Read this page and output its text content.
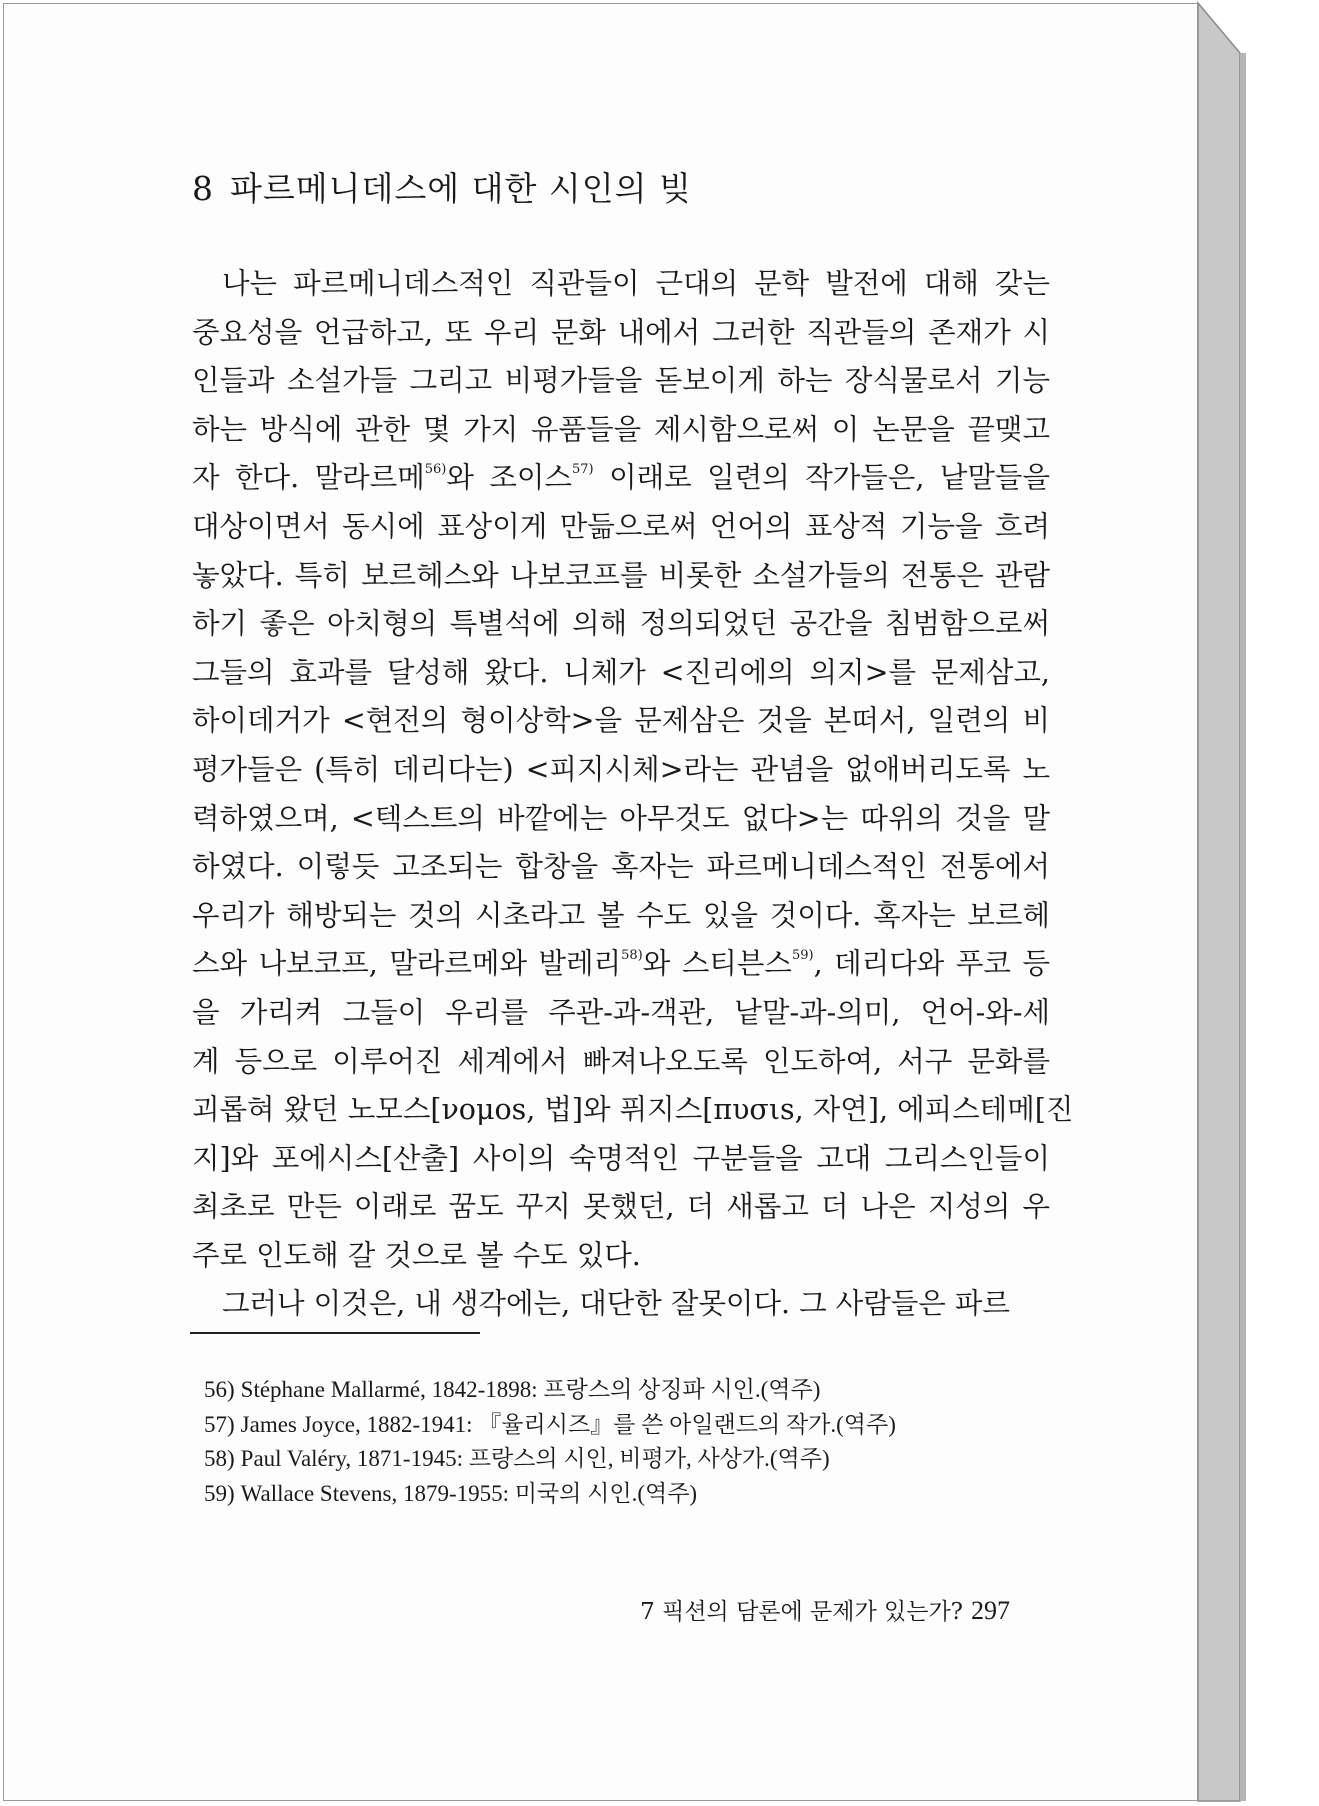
8 파르메니데스에 대한 시인의 빚
나는 파르메니데스적인 직관들이 근대의 문학 발전에 대해 갖는
중요성을 언급하고, 또 우리 문화 내에서 그러한 직관들의 존재가 시
인들과 소설가들 그리고 비평가들을 돋보이게 하는 장식물로서 기능
하는 방식에 관한 몇 가지 유품들을 제시함으로써 이 논문을 끝맺고
자 한다. 말라르메$^{56)}$와 조이스$^{57)}$ 이래로 일련의 작가들은, 낱말들을
대상이면서 동시에 표상이게 만듦으로써 언어의 표상적 기능을 흐려
놓았다. 특히 보르헤스와 나보코프를 비롯한 소설가들의 전통은 관람
하기 좋은 아치형의 특별석에 의해 정의되었던 공간을 침범함으로써
그들의 효과를 달성해 왔다. 니체가 <진리에의 의지>를 문제삼고,
하이데거가 <현전의 형이상학>을 문제삼은 것을 본떠서, 일련의 비
평가들은 (특히 데리다는) <피지시체>라는 관념을 없애버리도록 노
력하였으며, <텍스트의 바깥에는 아무것도 없다>는 따위의 것을 말
하였다. 이렇듯 고조되는 합창을 혹자는 파르메니데스적인 전통에서
우리가 해방되는 것의 시초라고 볼 수도 있을 것이다. 혹자는 보르헤
스와 나보코프, 말라르메와 발레리$^{58)}$와 스티븐스$^{59)}$, 데리다와 푸코 등
을 가리켜 그들이 우리를 주관-과-객관, 낱말-과-의미, 언어-와-세
계 등으로 이루어진 세계에서 빠져나오도록 인도하여, 서구 문화를
괴롭혀 왔던 노모스[νομοs, 법]와 퓌지스[πυσιs, 자연], 에피스테메[진
지]와 포에시스[산출] 사이의 숙명적인 구분들을 고대 그리스인들이
최초로 만든 이래로 꿈도 꾸지 못했던, 더 새롭고 더 나은 지성의 우
주로 인도해 갈 것으로 볼 수도 있다.
그러나 이것은, 내 생각에는, 대단한 잘못이다. 그 사람들은 파르
56) Stéphane Mallarmé, 1842-1898: 프랑스의 상징파 시인.(역주)
57) James Joyce, 1882-1941: 『율리시즈』를 쓴 아일랜드의 작가.(역주)
58) Paul Valéry, 1871-1945: 프랑스의 시인, 비평가, 사상가.(역주)
59) Wallace Stevens, 1879-1955: 미국의 시인.(역주)
7 픽션의 담론에 문제가 있는가? 297
